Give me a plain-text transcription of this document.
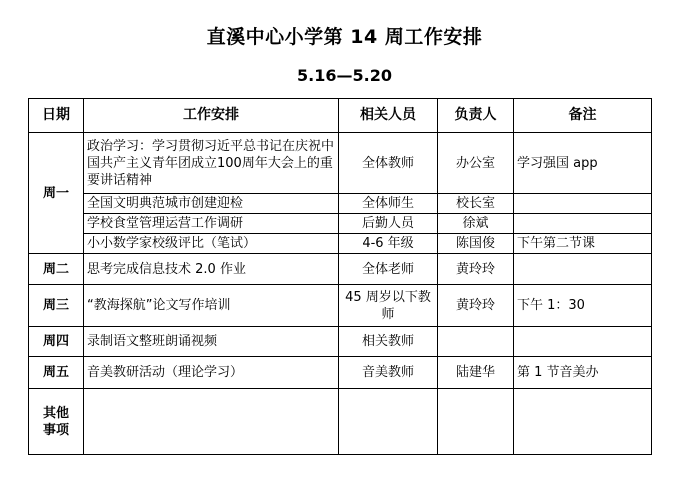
直溪中心小学第 14 周工作安排
5.16—5.20
日期	工作安排	相关人员	负责人	备注
周一	政治学习：学习贯彻习近平总书记在庆祝中国共产主义青年团成立100周年大会上的重要讲话精神	全体教师	办公室	学习强国 app
	全国文明典范城市创建迎检	全体师生	校长室	
	学校食堂管理运营工作调研	后勤人员	徐斌	
	小小数学家校级评比（笔试）	4-6 年级	陈国俊	下午第二节课
周二	思考完成信息技术 2.0 作业	全体老师	黄玲玲	
周三	“教海探航”论文写作培训	45 周岁以下教师	黄玲玲	下午 1：30
周四	录制语文整班朗诵视频	相关教师		
周五	音美教研活动（理论学习）	音美教师	陆建华	第 1 节音美办
其他事项				
